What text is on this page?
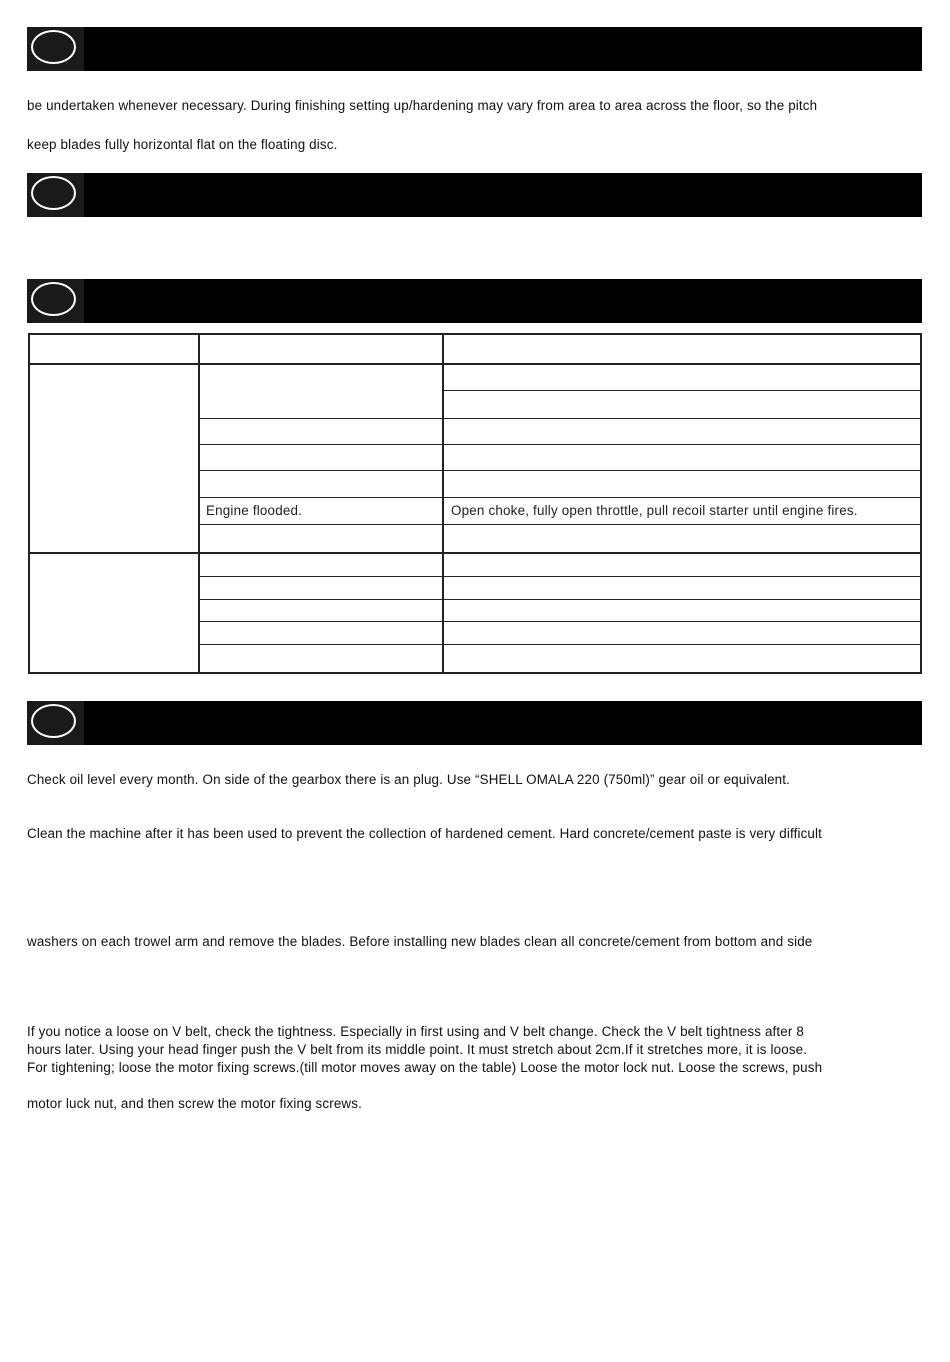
be undertaken whenever necessary. During finishing setting up/hardening may vary from area to area across the floor, so the pitch
keep blades fully horizontal flat on the floating disc.
Engine flooded.	Open choke, fully open throttle, pull recoil starter until engine fires.
Check oil level every month. On side of the gearbox there is an plug. Use “SHELL OMALA 220 (750ml)” gear oil or equivalent.
Clean the machine after it has been used to prevent the collection of hardened cement. Hard concrete/cement paste is very difficult
washers on each trowel arm and remove the blades. Before installing new blades clean all concrete/cement from bottom and side
If you notice a loose on V belt, check the tightness. Especially in first using and V belt change. Check the V belt tightness after 8
hours later. Using your head finger push the V belt from its middle point. It must stretch about 2cm.If it stretches more, it is loose.
For tightening; loose the motor fixing screws.(till motor moves away on the table) Loose the motor lock nut. Loose the screws, push
motor luck nut, and then screw the motor fixing screws.
